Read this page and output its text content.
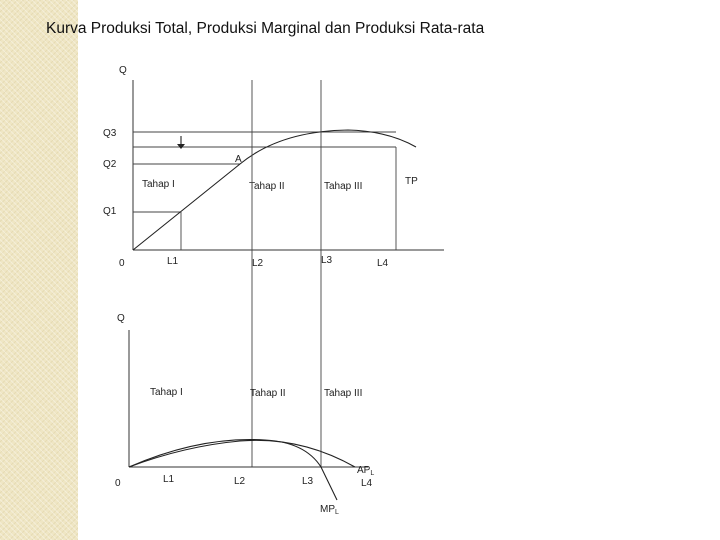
Kurva Produksi Total, Produksi Marginal dan Produksi Rata-rata
Q
Q3
Q2
Q1
0
A
Tahap I	Tahap II	Tahap III	TP
L1	L2	L3	L4
Q
0
Tahap I	Tahap II	Tahap III
L1	L2	L3	L4
$AP_L$
$MP_L$
